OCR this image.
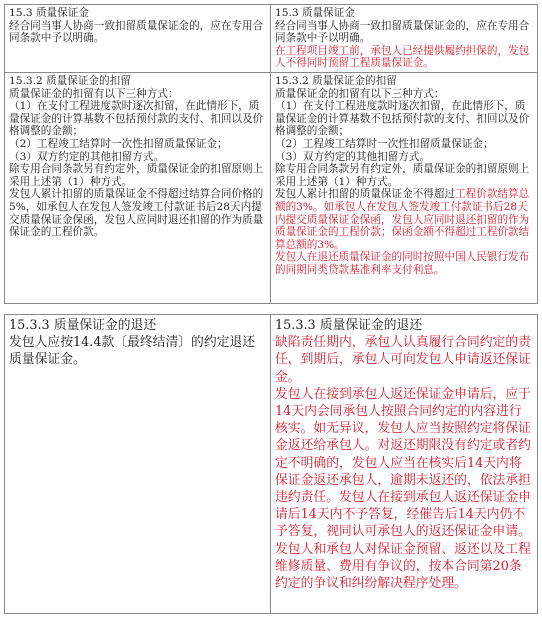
15.3 质量保证金

经合同当事人协商一致扣留质量保证金的，应在专用合同条款中予以明确。

15.3 质量保证金

经合同当事人协商一致扣留质量保证金的，应在专用合同条款中予以明确。

在工程项目竣工前，承包人已经提供履约担保的，发包人不得同时预留工程质量保证金。

15.3.2 质量保证金的扣留

质量保证金的扣留有以下三种方式：

（1）在支付工程进度款时逐次扣留，在此情形下，质量保证金的计算基数不包括预付款的支付、扣回以及价格调整的金额；

（2）工程竣工结算时一次性扣留质量保证金；

（3）双方约定的其他扣留方式。

除专用合同条款另有约定外，质量保证金的扣留原则上采用上述第（1）种方式。

发包人累计扣留的质量保证金不得超过结算合同价格的5%，如承包人在发包人签发竣工付款证书后28天内提交质量保证金保函，发包人应同时退还扣留的作为质量保证金的工程价款。

15.3.2 质量保证金的扣留

质量保证金的扣留有以下三种方式：

（1）在支付工程进度款时逐次扣留，在此情形下，质量保证金的计算基数不包括预付款的支付、扣回以及价格调整的金额；

（2）工程竣工结算时一次性扣留质量保证金；

（3）双方约定的其他扣留方式。

除专用合同条款另有约定外，质量保证金的扣留原则上采用上述第（1）种方式。

发包人累计扣留的质量保证金不得超过工程价款结算总额的3%。如承包人在发包人签发竣工付款证书后28天内提交质量保证金保函，发包人应同时退还扣留的作为质量保证金的工程价款；保函金额不得超过工程价款结算总额的3%。

发包人在退还质量保证金的同时按照中国人民银行发布的同期同类贷款基准利率支付利息。

15.3.3 质量保证金的退还

发包人应按14.4款〔最终结清〕的约定退还质量保证金。

15.3.3 质量保证金的退还

缺陷责任期内，承包人认真履行合同约定的责任，到期后，承包人可向发包人申请返还保证金。

发包人在接到承包人返还保证金申请后，应于14天内会同承包人按照合同约定的内容进行核实。如无异议，发包人应当按照约定将保证金返还给承包人。对返还期限没有约定或者约定不明确的，发包人应当在核实后14天内将保证金返还承包人，逾期未返还的，依法承担违约责任。发包人在接到承包人返还保证金申请后14天内不予答复，经催告后14天内仍不予答复，视同认可承包人的返还保证金申请。

发包人和承包人对保证金预留、返还以及工程维修质量、费用有争议的，按本合同第20条约定的争议和纠纷解决程序处理。
